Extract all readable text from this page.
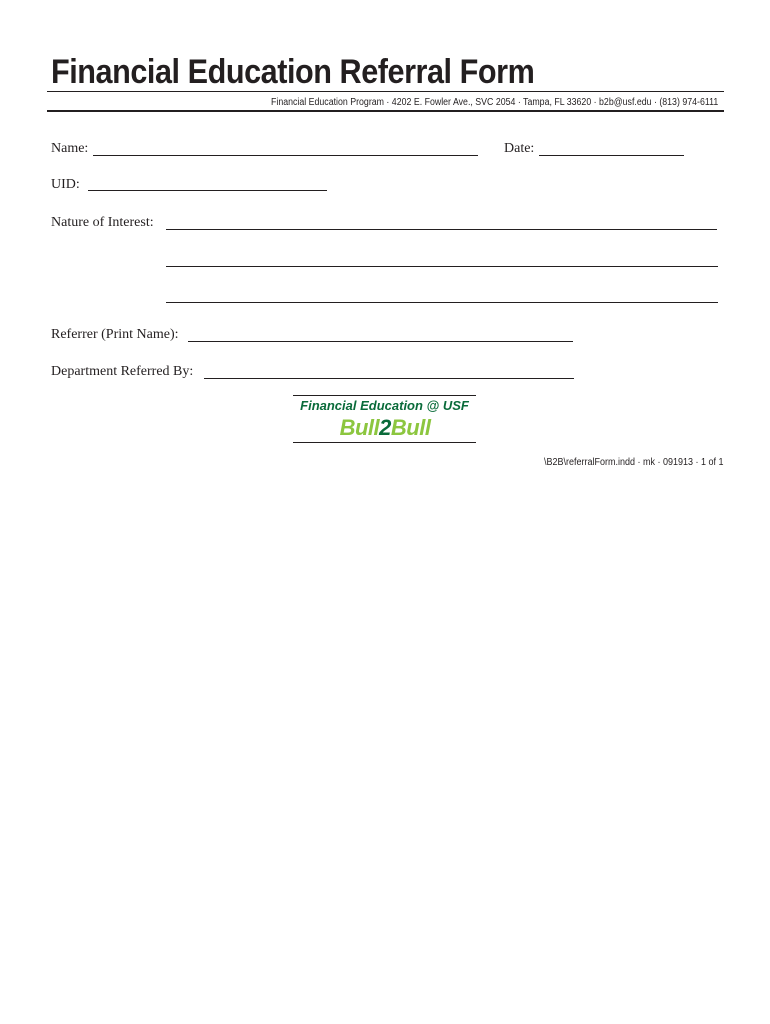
Financial Education Referral Form
Financial Education Program · 4202 E. Fowler Ave., SVC 2054 · Tampa, FL 33620 · b2b@usf.edu · (813) 974-6111
Name:	Date:
UID:
Nature of Interest:
Referrer (Print Name):
Department Referred By:
Financial Education @ USF
Bull2Bull
\B2B\referralForm.indd · mk · 091913 · 1 of 1
